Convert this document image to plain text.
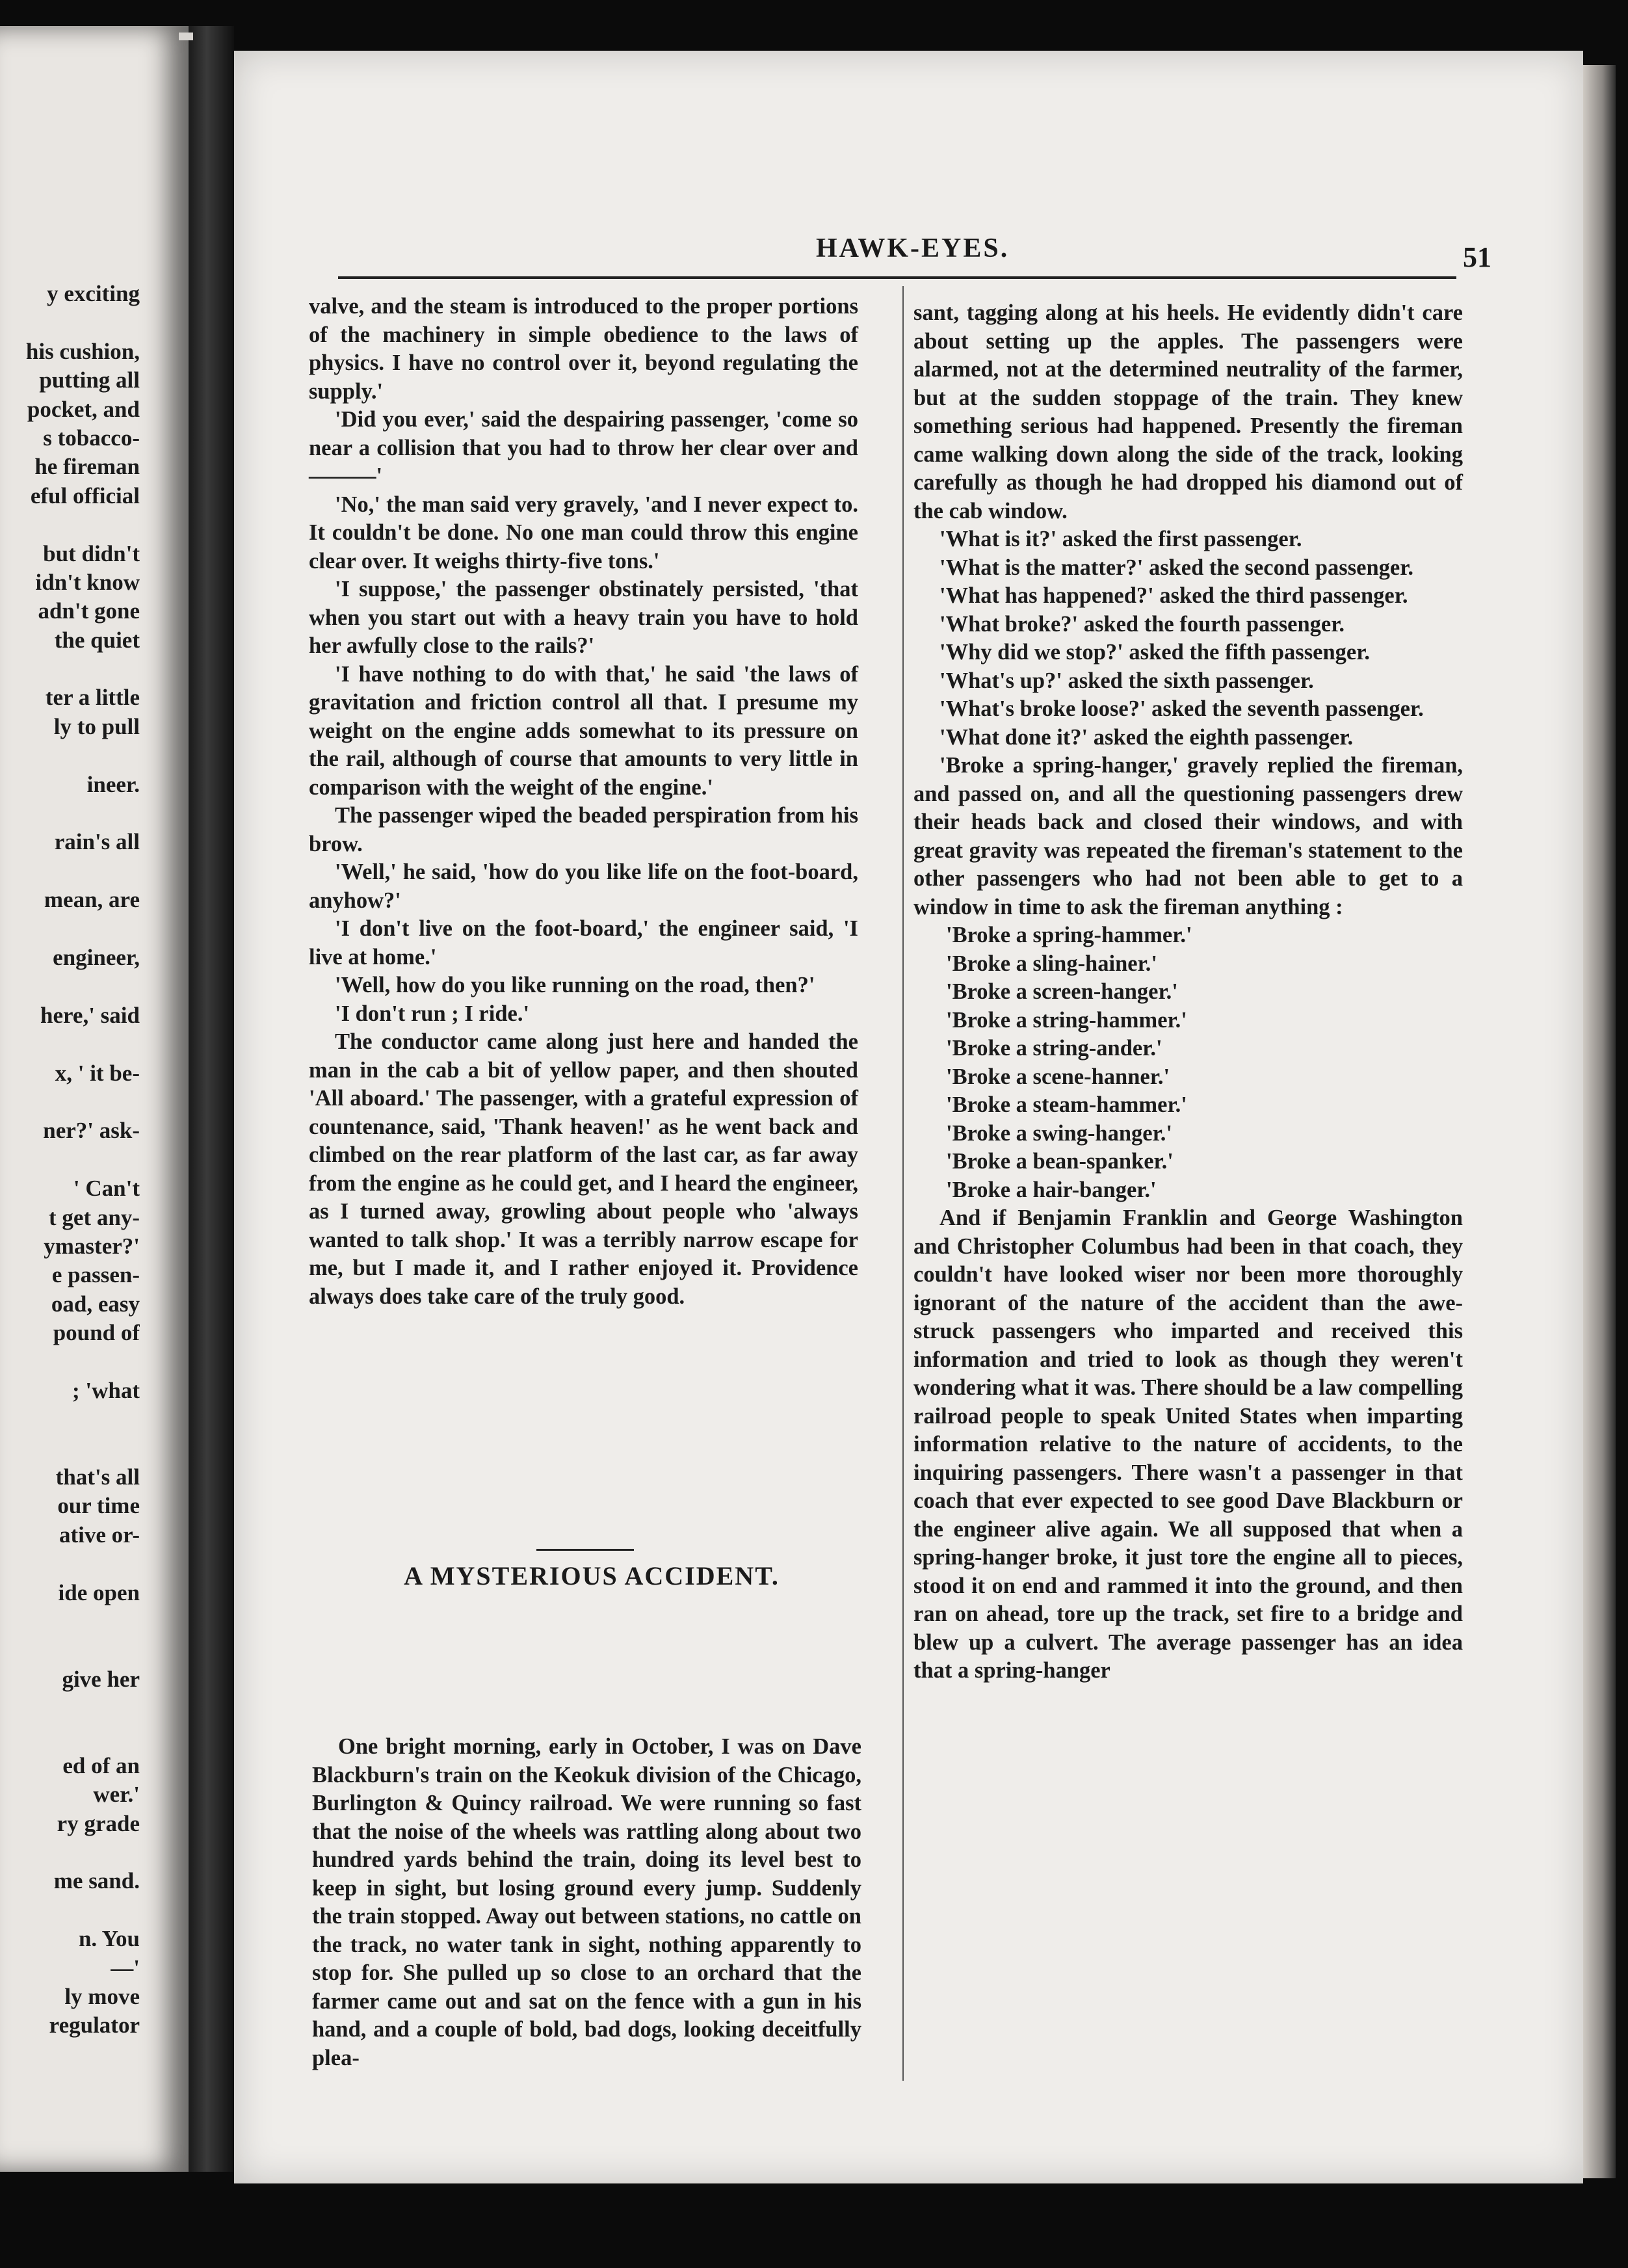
y exciting
his cushion,
putting all
pocket, and
s tobacco-
he fireman
eful official
but didn't
idn't know
adn't gone
the quiet
ter a little
ly to pull
ineer.
rain's all
mean, are
engineer,
here,' said
x, ' it be-
ner?' ask-
' Can't
t get any-
ymaster?'
e passen-
oad, easy
pound of
; 'what
that's all
our time
ative or-
ide open
give her
ed of an
wer.'
ry grade
me sand.
n. You
—'
ly move
regulator
HAWK-EYES.	51

valve, and the steam is introduced to the proper portions of the machinery in simple obedience to the laws of physics. I have no control over it, beyond regulating the supply.'

'Did you ever,' said the despairing passenger, 'come so near a collision that you had to throw her clear over and———'

'No,' the man said very gravely, 'and I never expect to. It couldn't be done. No one man could throw this engine clear over. It weighs thirty-five tons.'

'I suppose,' the passenger obstinately persisted, 'that when you start out with a heavy train you have to hold her awfully close to the rails?'

'I have nothing to do with that,' he said 'the laws of gravitation and friction control all that. I presume my weight on the engine adds somewhat to its pressure on the rail, although of course that amounts to very little in comparison with the weight of the engine.'

The passenger wiped the beaded perspiration from his brow.

'Well,' he said, 'how do you like life on the foot-board, anyhow?'

'I don't live on the foot-board,' the engineer said, 'I live at home.'

'Well, how do you like running on the road, then?'

'I don't run ; I ride.'

The conductor came along just here and handed the man in the cab a bit of yellow paper, and then shouted 'All aboard.' The passenger, with a grateful expression of countenance, said, 'Thank heaven!' as he went back and climbed on the rear platform of the last car, as far away from the engine as he could get, and I heard the engineer, as I turned away, growling about people who 'always wanted to talk shop.' It was a terribly narrow escape for me, but I made it, and I rather enjoyed it. Providence always does take care of the truly good.

A MYSTERIOUS ACCIDENT.

One bright morning, early in October, I was on Dave Blackburn's train on the Keokuk division of the Chicago, Burlington & Quincy railroad. We were running so fast that the noise of the wheels was rattling along about two hundred yards behind the train, doing its level best to keep in sight, but losing ground every jump. Suddenly the train stopped. Away out between stations, no cattle on the track, no water tank in sight, nothing apparently to stop for. She pulled up so close to an orchard that the farmer came out and sat on the fence with a gun in his hand, and a couple of bold, bad dogs, looking deceitfully plea-

sant, tagging along at his heels. He evidently didn't care about setting up the apples. The passengers were alarmed, not at the determined neutrality of the farmer, but at the sudden stoppage of the train. They knew something serious had happened. Presently the fireman came walking down along the side of the track, looking carefully as though he had dropped his diamond out of the cab window.

'What is it?' asked the first passenger.

'What is the matter?' asked the second passenger.

'What has happened?' asked the third passenger.

'What broke?' asked the fourth passenger.

'Why did we stop?' asked the fifth passenger.

'What's up?' asked the sixth passenger.

'What's broke loose?' asked the seventh passenger.

'What done it?' asked the eighth passenger.

'Broke a spring-hanger,' gravely replied the fireman, and passed on, and all the questioning passengers drew their heads back and closed their windows, and with great gravity was repeated the fireman's statement to the other passengers who had not been able to get to a window in time to ask the fireman anything :

'Broke a spring-hammer.'
'Broke a sling-hainer.'
'Broke a screen-hanger.'
'Broke a string-hammer.'
'Broke a string-ander.'
'Broke a scene-hanner.'
'Broke a steam-hammer.'
'Broke a swing-hanger.'
'Broke a bean-spanker.'
'Broke a hair-banger.'

And if Benjamin Franklin and George Washington and Christopher Columbus had been in that coach, they couldn't have looked wiser nor been more thoroughly ignorant of the nature of the accident than the awe-struck passengers who imparted and received this information and tried to look as though they weren't wondering what it was. There should be a law compelling railroad people to speak United States when imparting information relative to the nature of accidents, to the inquiring passengers. There wasn't a passenger in that coach that ever expected to see good Dave Blackburn or the engineer alive again. We all supposed that when a spring-hanger broke, it just tore the engine all to pieces, stood it on end and rammed it into the ground, and then ran on ahead, tore up the track, set fire to a bridge and blew up a culvert. The average passenger has an idea that a spring-hanger
